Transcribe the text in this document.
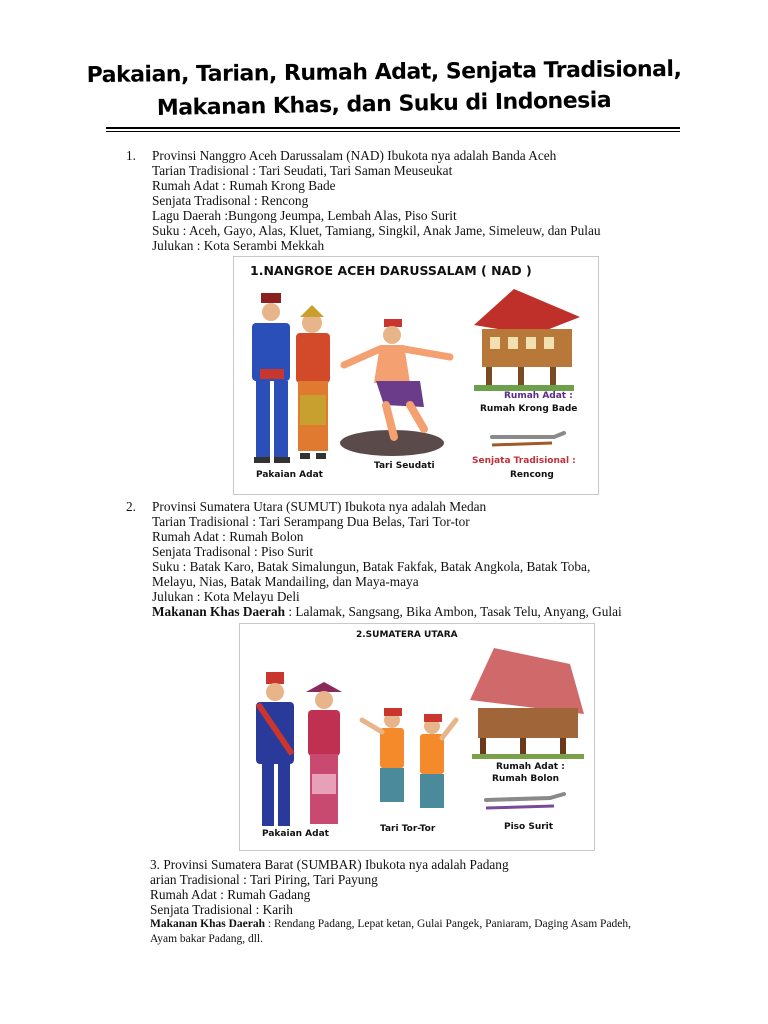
Pakaian, Tarian, Rumah Adat, Senjata Tradisional,
Makanan Khas, dan Suku di Indonesia
1. Provinsi Nanggro Aceh Darussalam (NAD) Ibukota nya adalah Banda Aceh
Tarian Tradisional : Tari Seudati, Tari Saman Meuseukat
Rumah Adat : Rumah Krong Bade
Senjata Tradisonal : Rencong
Lagu Daerah :Bungong Jeumpa, Lembah Alas, Piso Surit
Suku : Aceh, Gayo, Alas, Kluet, Tamiang, Singkil, Anak Jame, Simeleuw, dan Pulau
Julukan : Kota Serambi Mekkah
1.NANGROE ACEH DARUSSALAM ( NAD )
Pakaian Adat
Tari Seudati
Rumah Adat :
Rumah Krong Bade
Senjata Tradisional :
Rencong
2. Provinsi Sumatera Utara (SUMUT) Ibukota nya adalah Medan
Tarian Tradisional : Tari Serampang Dua Belas, Tari Tor-tor
Rumah Adat : Rumah Bolon
Senjata Tradisonal : Piso Surit
Suku : Batak Karo, Batak Simalungun, Batak Fakfak, Batak Angkola, Batak Toba,
Melayu, Nias, Batak Mandailing, dan Maya-maya
Julukan : Kota Melayu Deli
Makanan Khas Daerah : Lalamak, Sangsang, Bika Ambon, Tasak Telu, Anyang, Gulai
2.SUMATERA UTARA
Pakaian Adat	Tari Tor-Tor
Rumah Adat :
Rumah Bolon
Piso Surit
3. Provinsi Sumatera Barat (SUMBAR) Ibukota nya adalah Padang
arian Tradisional : Tari Piring, Tari Payung
Rumah Adat : Rumah Gadang
Senjata Tradisional : Karih
Makanan Khas Daerah : Rendang Padang, Lepat ketan, Gulai Pangek, Paniaram, Daging Asam Padeh,
Ayam bakar Padang, dll.
